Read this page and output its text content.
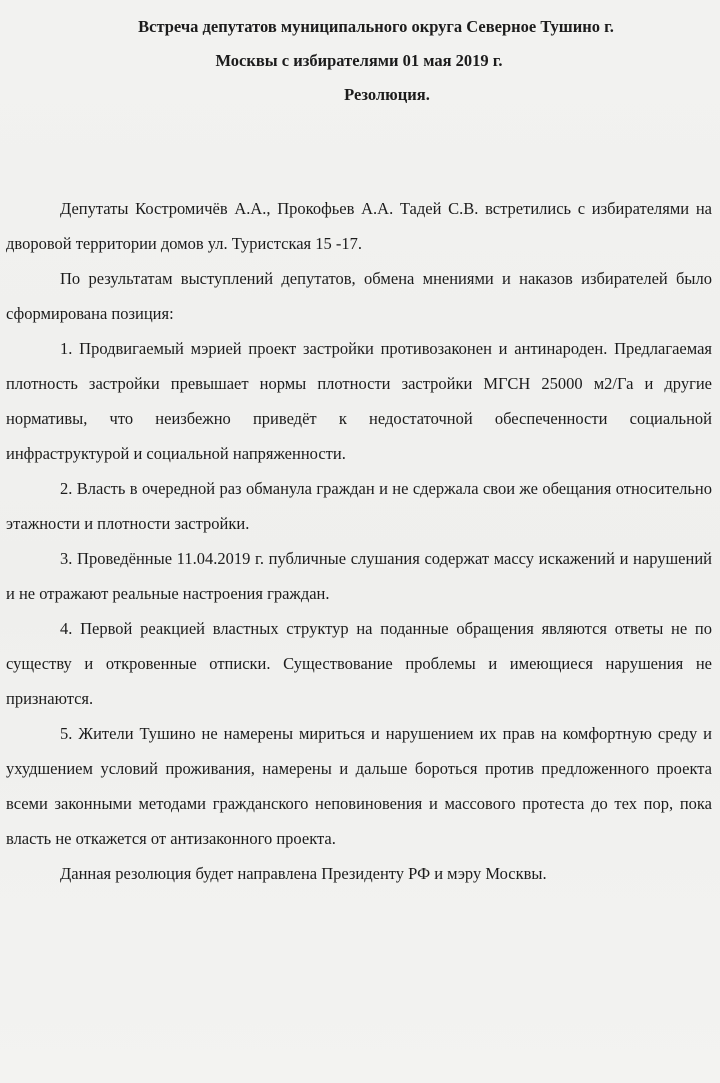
Встреча депутатов муниципального округа Северное Тушино г.
Москвы с избирателями 01 мая 2019 г.
Резолюция.

Депутаты Костромичёв А.А., Прокофьев А.А. Тадей С.В. встретились с избирателями на дворовой территории домов ул. Туристская 15 -17.

По результатам выступлений депутатов, обмена мнениями и наказов избирателей было сформирована позиция:

1. Продвигаемый мэрией проект застройки противозаконен и антинароден. Предлагаемая плотность застройки превышает нормы плотности застройки МГСН 25000 м2/Га и другие нормативы, что неизбежно приведёт к недостаточной обеспеченности социальной инфраструктурой и социальной напряженности.

2. Власть в очередной раз обманула граждан и не сдержала свои же обещания относительно этажности и плотности застройки.

3. Проведённые 11.04.2019 г. публичные слушания содержат массу искажений и нарушений и не отражают реальные настроения граждан.

4. Первой реакцией властных структур на поданные обращения являются ответы не по существу и откровенные отписки. Существование проблемы и имеющиеся нарушения не признаются.

5. Жители Тушино не намерены мириться и нарушением их прав на комфортную среду и ухудшением условий проживания, намерены и дальше бороться против предложенного проекта всеми законными методами гражданского неповиновения и массового протеста до тех пор, пока власть не откажется от антизаконного проекта.

Данная резолюция будет направлена Президенту РФ и мэру Москвы.
